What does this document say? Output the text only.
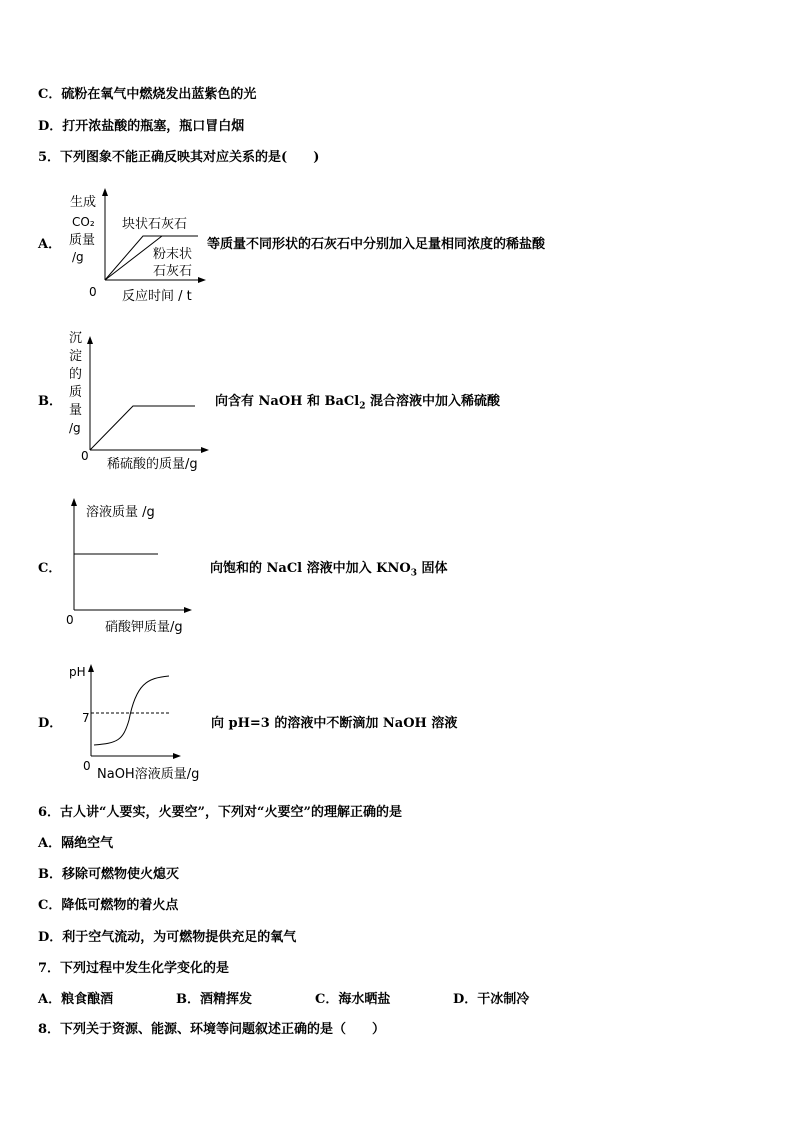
C．硫粉在氧气中燃烧发出蓝紫色的光
D．打开浓盐酸的瓶塞，瓶口冒白烟
5．下列图象不能正确反映其对应关系的是(　　)
A．
生成
CO₂
质量
/g
块状石灰石
粉末状
石灰石
0 反应时间 / t
等质量不同形状的石灰石中分别加入足量相同浓度的稀盐酸
B．
沉
淀
的
质
量
/g
0
稀硫酸的质量/g
向含有 NaOH 和 BaCl$_2$ 混合溶液中加入稀硫酸
C．
溶液质量 /g
0 硝酸钾质量/g
向饱和的 NaCl 溶液中加入 $KNO_3$ 固体
D．
pH
7
0
NaOH溶液质量/g
向 pH=3 的溶液中不断滴加 NaOH 溶液
6．古人讲“人要实，火要空”，下列对“火要空”的理解正确的是
A．隔绝空气
B．移除可燃物使火熄灭
C．降低可燃物的着火点
D．利于空气流动，为可燃物提供充足的氧气
7．下列过程中发生化学变化的是
A．粮食酿酒	B．酒精挥发	C．海水晒盐	D．干冰制冷
8．下列关于资源、能源、环境等问题叙述正确的是（　　）
